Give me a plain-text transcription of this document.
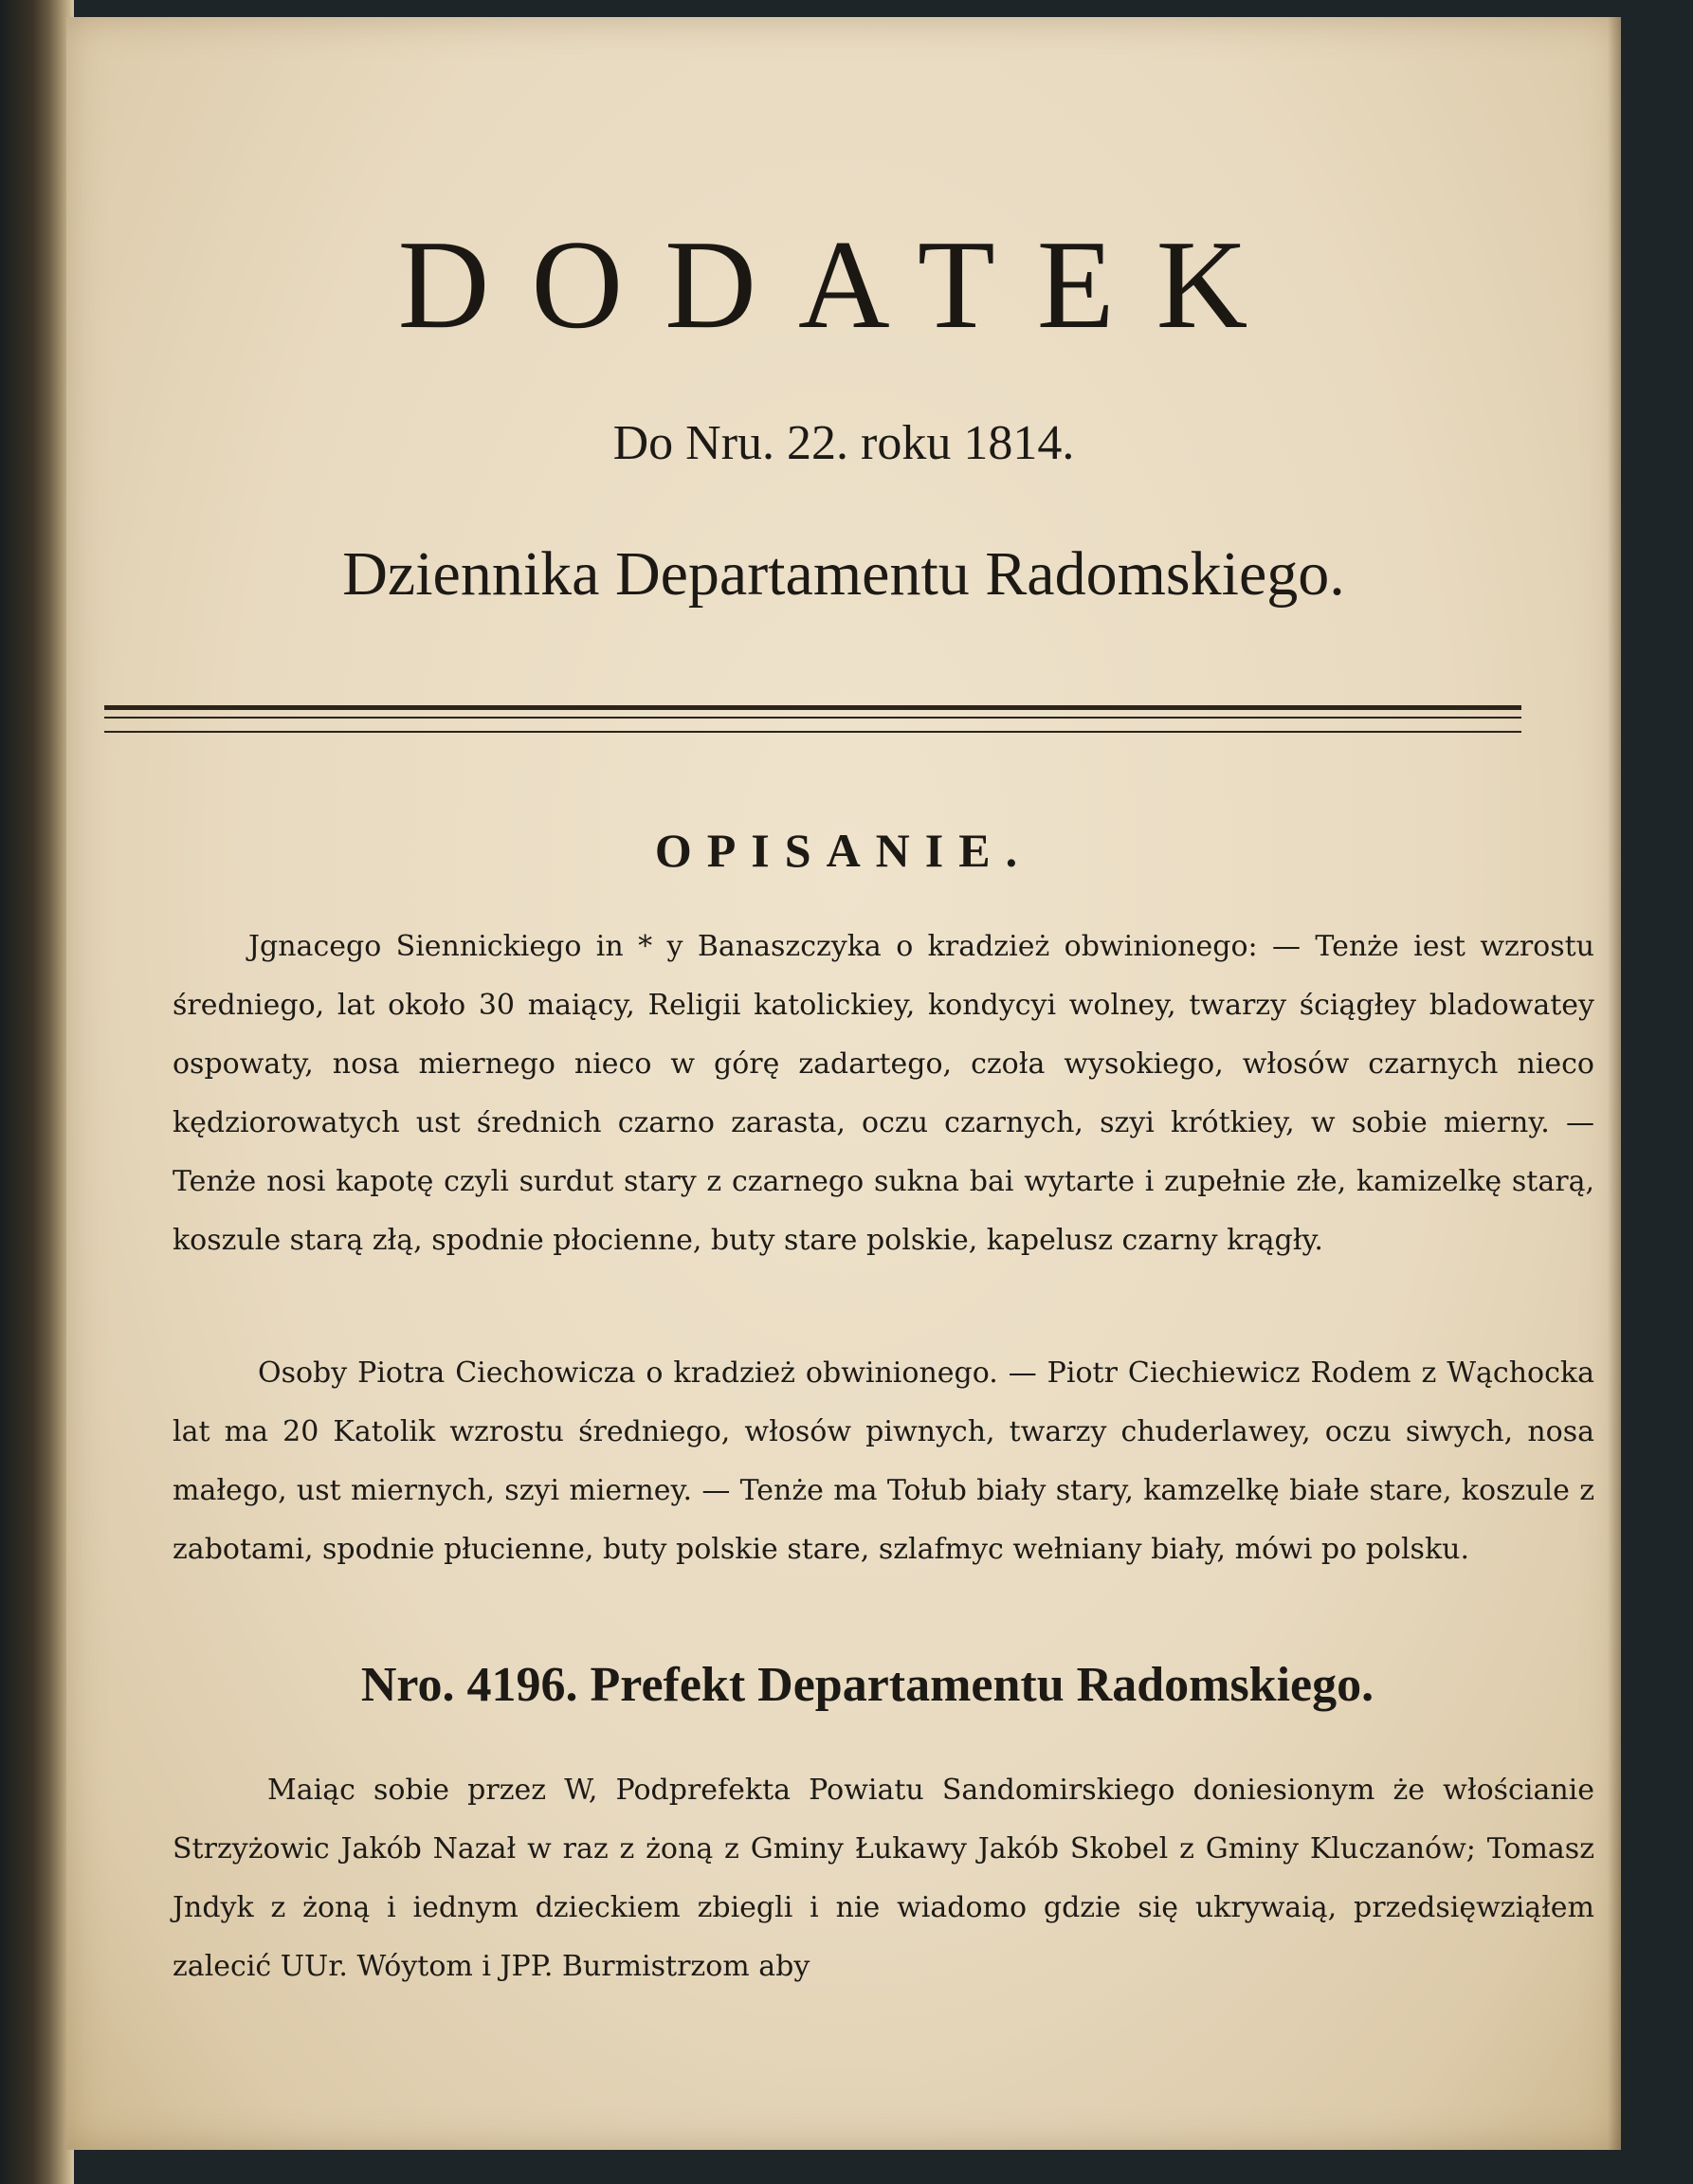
DODATEK

Do Nru. 22. roku 1814.

Dziennika Departamentu Radomskiego.

OPISANIE.

Jgnacego Siennickiego in * y Banaszczyka o kradzież obwinionego: — Tenże iest wzrostu średniego, lat około 30 maiący, Religii katolickiey, kondycyi wolney, twarzy ściągłey bladowatey ospowaty, nosa miernego nieco w górę zadartego, czoła wysokiego, włosów czarnych nieco kędziorowatych ust średnich czarno zarasta, oczu czarnych, szyi krótkiey, w sobie mierny. — Tenże nosi kapotę czyli surdut stary z czarnego sukna bai wytarte i zupełnie złe, kamizelkę starą, koszule starą złą, spodnie płocienne, buty stare polskie, kapelusz czarny krągły.

Osoby Piotra Ciechowicza o kradzież obwinionego. — Piotr Ciechiewicz Rodem z Wąchocka lat ma 20 Katolik wzrostu średniego, włosów piwnych, twarzy chuderlawey, oczu siwych, nosa małego, ust miernych, szyi mierney. — Tenże ma Tołub biały stary, kamzelkę białe stare, koszule z zabotami, spodnie płucienne, buty polskie stare, szlafmyc wełniany biały, mówi po polsku.

Nro. 4196. Prefekt Departamentu Radomskiego.

Maiąc sobie przez W, Podprefekta Powiatu Sandomirskiego doniesionym że włościanie Strzyżowic Jakób Nazał w raz z żoną z Gminy Łukawy Jakób Skobel z Gminy Kluczanów; Tomasz Jndyk z żoną i iednym dzieckiem zbiegli i nie wiadomo gdzie się ukrywaią, przedsięwziąłem zalecić UUr. Wóytom i JPP. Burmistrzom aby
